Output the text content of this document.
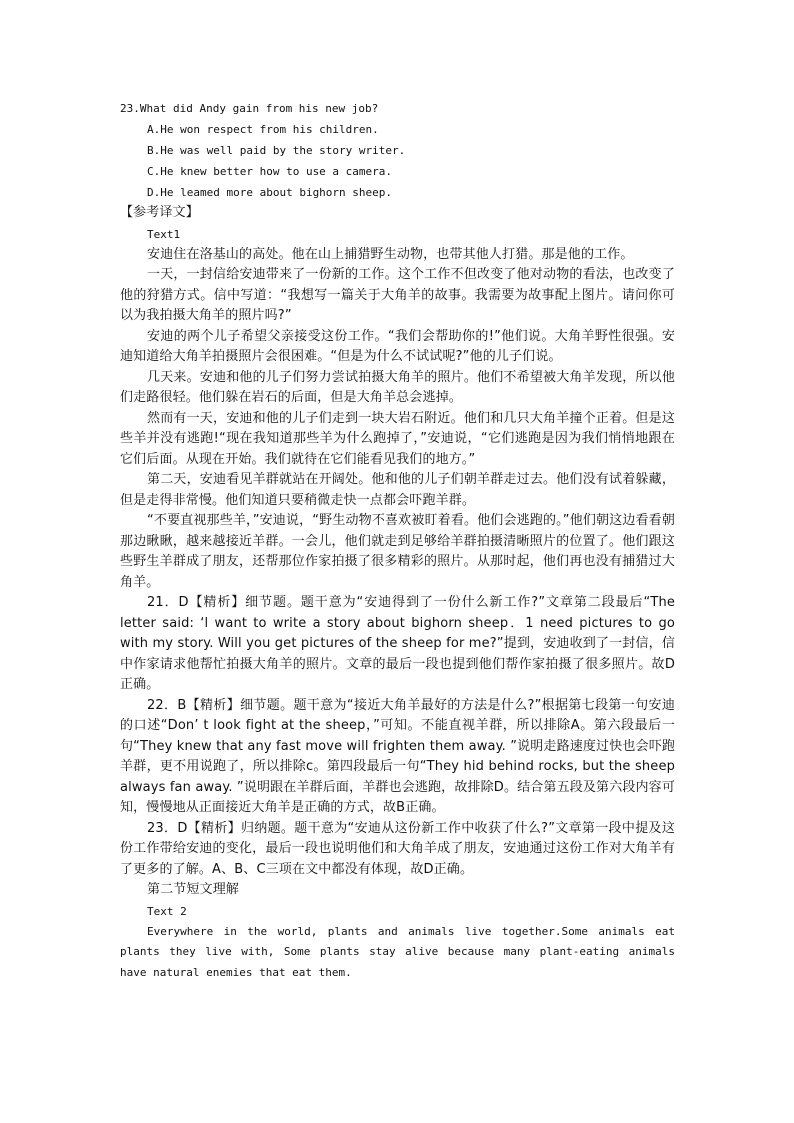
23.What did Andy gain from his new job?
A.He won respect from his children.
B.He was well paid by the story writer.
C.He knew better how to use a camera.
D.He leamed more about bighorn sheep.
【参考译文】
Text1
安迪住在洛基山的高处。他在山上捕猎野生动物，也带其他人打猎。那是他的工作。
一天，一封信给安迪带来了一份新的工作。这个工作不但改变了他对动物的看法，也改变了他的狩猎方式。信中写道：“我想写一篇关于大角羊的故事。我需要为故事配上图片。请问你可以为我拍摄大角羊的照片吗?”
安迪的两个儿子希望父亲接受这份工作。“我们会帮助你的!”他们说。大角羊野性很强。安迪知道给大角羊拍摄照片会很困难。“但是为什么不试试呢?”他的儿子们说。
几天来。安迪和他的儿子们努力尝试拍摄大角羊的照片。他们不希望被大角羊发现，所以他们走路很轻。他们躲在岩石的后面，但是大角羊总会逃掉。
然而有一天，安迪和他的儿子们走到一块大岩石附近。他们和几只大角羊撞个正着。但是这些羊并没有逃跑!“现在我知道那些羊为什么跑掉了，”安迪说，“它们逃跑是因为我们悄悄地跟在它们后面。从现在开始。我们就待在它们能看见我们的地方。”
第二天，安迪看见羊群就站在开阔处。他和他的儿子们朝羊群走过去。他们没有试着躲藏，但是走得非常慢。他们知道只要稍微走快一点都会吓跑羊群。
“不要直视那些羊，”安迪说，“野生动物不喜欢被盯着看。他们会逃跑的。”他们朝这边看看朝那边瞅瞅，越来越接近羊群。一会儿，他们就走到足够给羊群拍摄清晰照片的位置了。他们跟这些野生羊群成了朋友，还帮那位作家拍摄了很多精彩的照片。从那时起，他们再也没有捕猎过大角羊。
21．D【精析】细节题。题干意为“安迪得到了一份什么新工作?”文章第二段最后“The letter said: ‘l want to write a story about bighorn sheep．1 need pictures to go with my story. Will you get pictures of the sheep for me?”提到，安迪收到了一封信，信中作家请求他帮忙拍摄大角羊的照片。文章的最后一段也提到他们帮作家拍摄了很多照片。故D正确。
22．B【精析】细节题。题干意为“接近大角羊最好的方法是什么?”根据第七段第一句安迪的口述“Don’ t look fight at the sheep，”可知。不能直视羊群，所以排除A。第六段最后一句“They knew that any fast move will frighten them away. ”说明走路速度过快也会吓跑羊群，更不用说跑了，所以排除c。第四段最后一句“They hid behind rocks, but the sheep always fan away. ”说明跟在羊群后面，羊群也会逃跑，故排除D。结合第五段及第六段内容可知，慢慢地从正面接近大角羊是正确的方式，故B正确。
23．D【精析】归纳题。题干意为“安迪从这份新工作中收获了什么?”文章第一段中提及这份工作带给安迪的变化，最后一段也说明他们和大角羊成了朋友，安迪通过这份工作对大角羊有了更多的了解。A、B、C三项在文中都没有体现，故D正确。
第二节短文理解
Text 2
Everywhere in the world, plants and animals live together.Some animals eat plants they live with, Some plants stay alive because many plant-eating animals have natural enemies that eat them.
